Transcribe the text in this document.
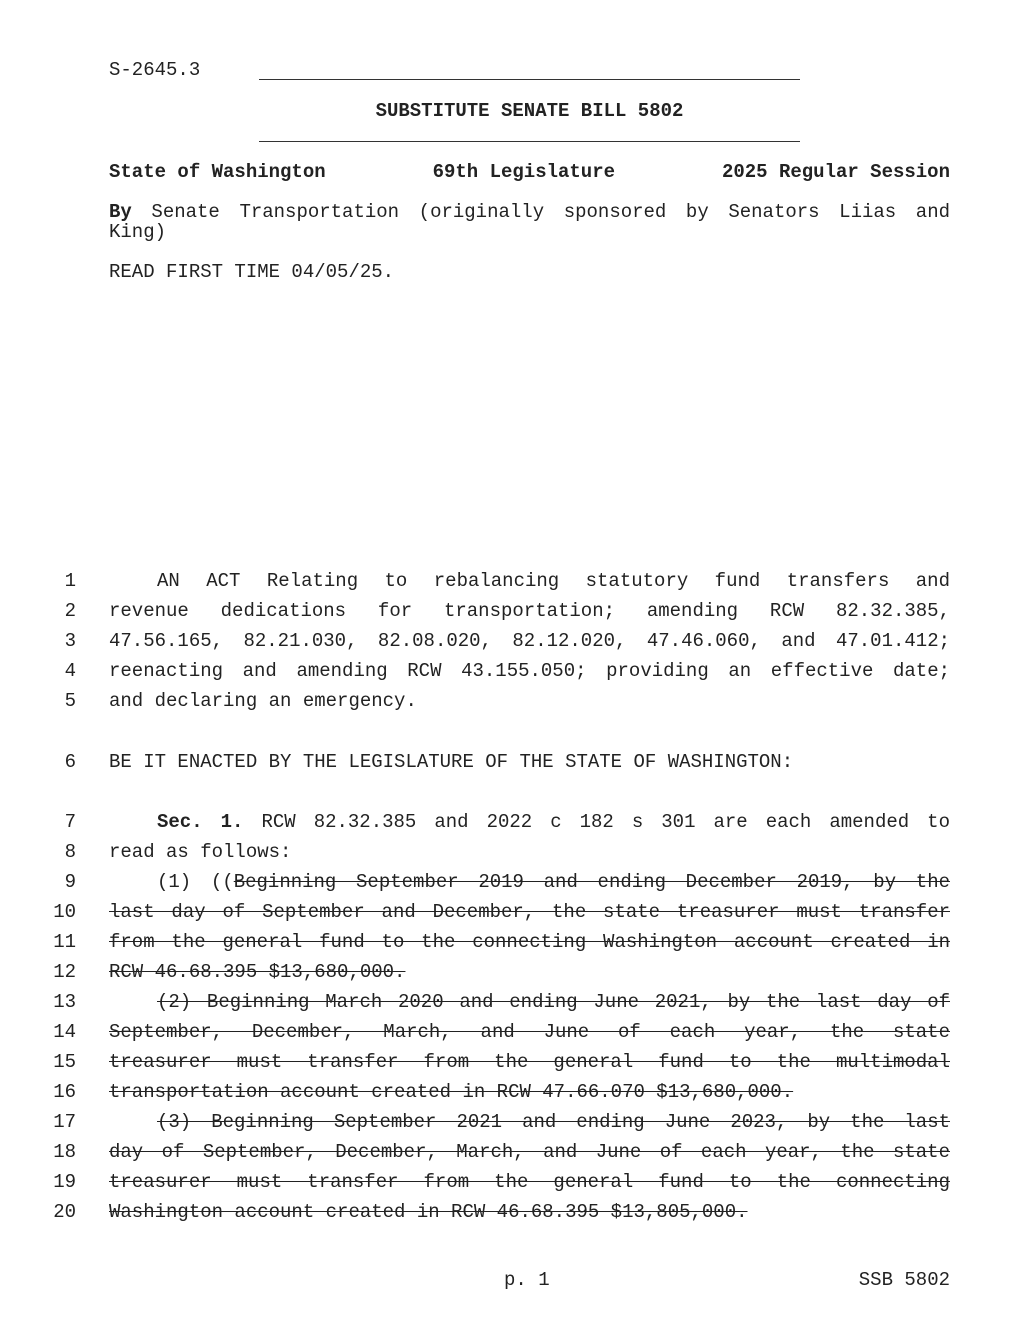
S-2645.3
SUBSTITUTE SENATE BILL 5802
State of Washington	69th Legislature	2025 Regular Session
By Senate Transportation (originally sponsored by Senators Liias and
King)
READ FIRST TIME 04/05/25.
1	AN ACT Relating to rebalancing statutory fund transfers and
2 revenue dedications for transportation; amending RCW 82.32.385,
3 47.56.165, 82.21.030, 82.08.020, 82.12.020, 47.46.060, and 47.01.412;
4 reenacting and amending RCW 43.155.050; providing an effective date;
5 and declaring an emergency.
6 BE IT ENACTED BY THE LEGISLATURE OF THE STATE OF WASHINGTON:
7	Sec. 1. RCW 82.32.385 and 2022 c 182 s 301 are each amended to
8 read as follows:
9	(1) ((Beginning September 2019 and ending December 2019, by the
10 last day of September and December, the state treasurer must transfer
11 from the general fund to the connecting Washington account created in
12 RCW 46.68.395 $13,680,000.
13	(2) Beginning March 2020 and ending June 2021, by the last day of
14 September, December, March, and June of each year, the state
15 treasurer must transfer from the general fund to the multimodal
16 transportation account created in RCW 47.66.070 $13,680,000.
17	(3) Beginning September 2021 and ending June 2023, by the last
18 day of September, December, March, and June of each year, the state
19 treasurer must transfer from the general fund to the connecting
20 Washington account created in RCW 46.68.395 $13,805,000.
p. 1	SSB 5802
